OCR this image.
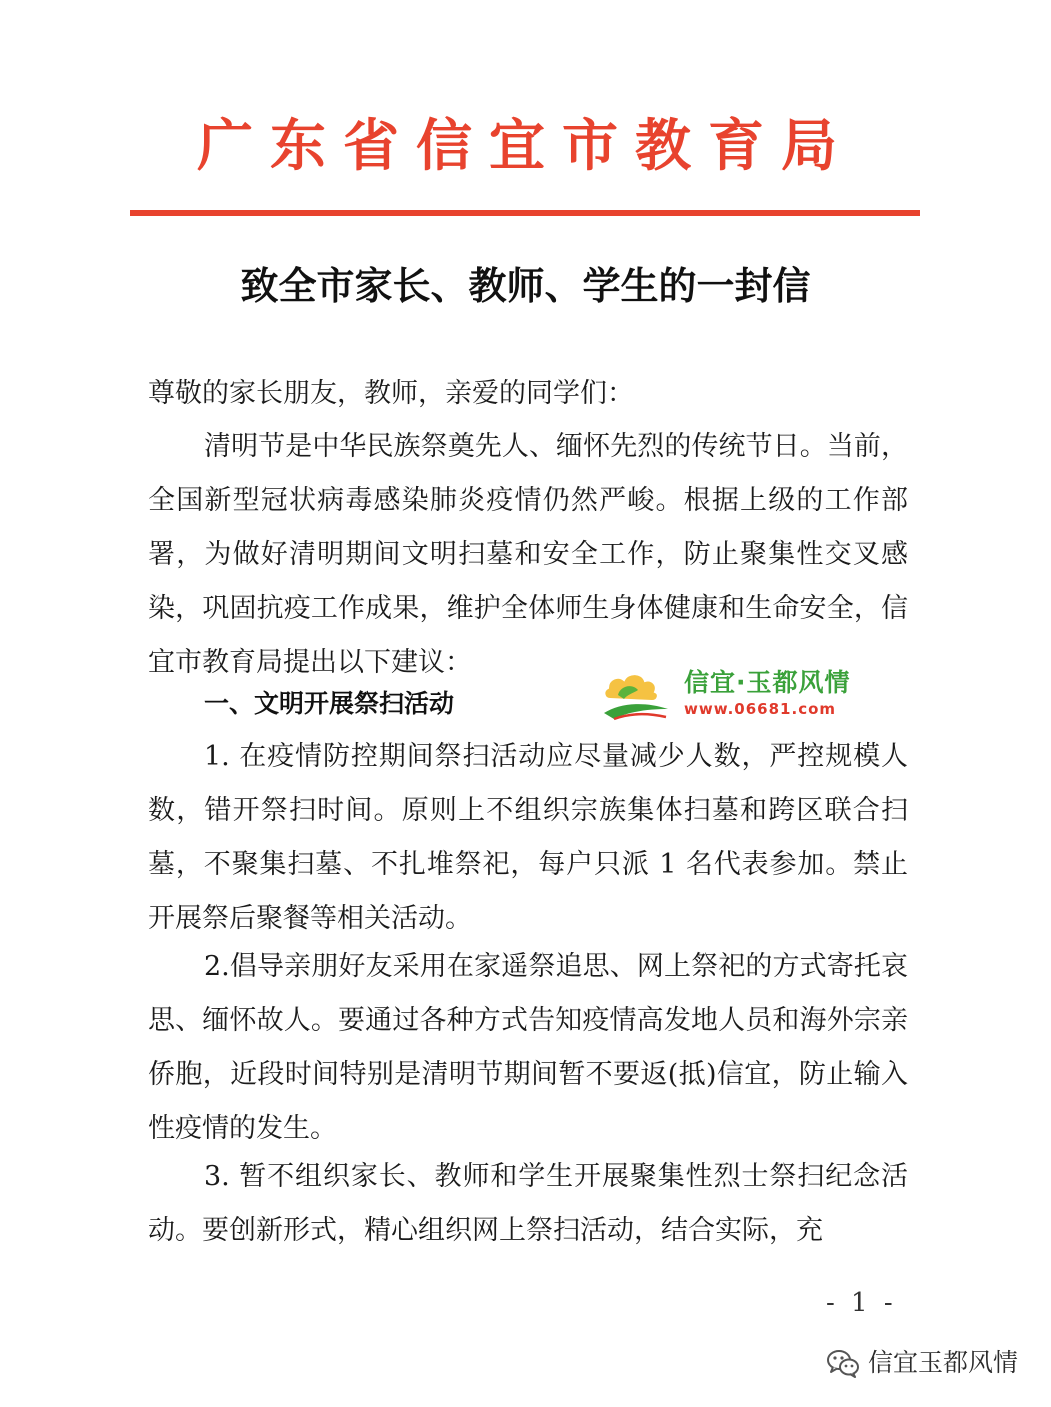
广东省信宜市教育局
致全市家长、教师、学生的一封信
尊敬的家长朋友，教师，亲爱的同学们：
清明节是中华民族祭奠先人、缅怀先烈的传统节日。当前，全国新型冠状病毒感染肺炎疫情仍然严峻。根据上级的工作部署，为做好清明期间文明扫墓和安全工作，防止聚集性交叉感染，巩固抗疫工作成果，维护全体师生身体健康和生命安全，信宜市教育局提出以下建议：
一、文明开展祭扫活动
1. 在疫情防控期间祭扫活动应尽量减少人数，严控规模人数，错开祭扫时间。原则上不组织宗族集体扫墓和跨区联合扫墓，不聚集扫墓、不扎堆祭祀，每户只派 1 名代表参加。禁止开展祭后聚餐等相关活动。
2.倡导亲朋好友采用在家遥祭追思、网上祭祀的方式寄托哀思、缅怀故人。要通过各种方式告知疫情高发地人员和海外宗亲侨胞，近段时间特别是清明节期间暂不要返(抵)信宜，防止输入性疫情的发生。
3. 暂不组织家长、教师和学生开展聚集性烈士祭扫纪念活动。要创新形式，精心组织网上祭扫活动，结合实际，充
信宜·玉都风情
www.06681.com
- 1 -
信宜玉都风情
